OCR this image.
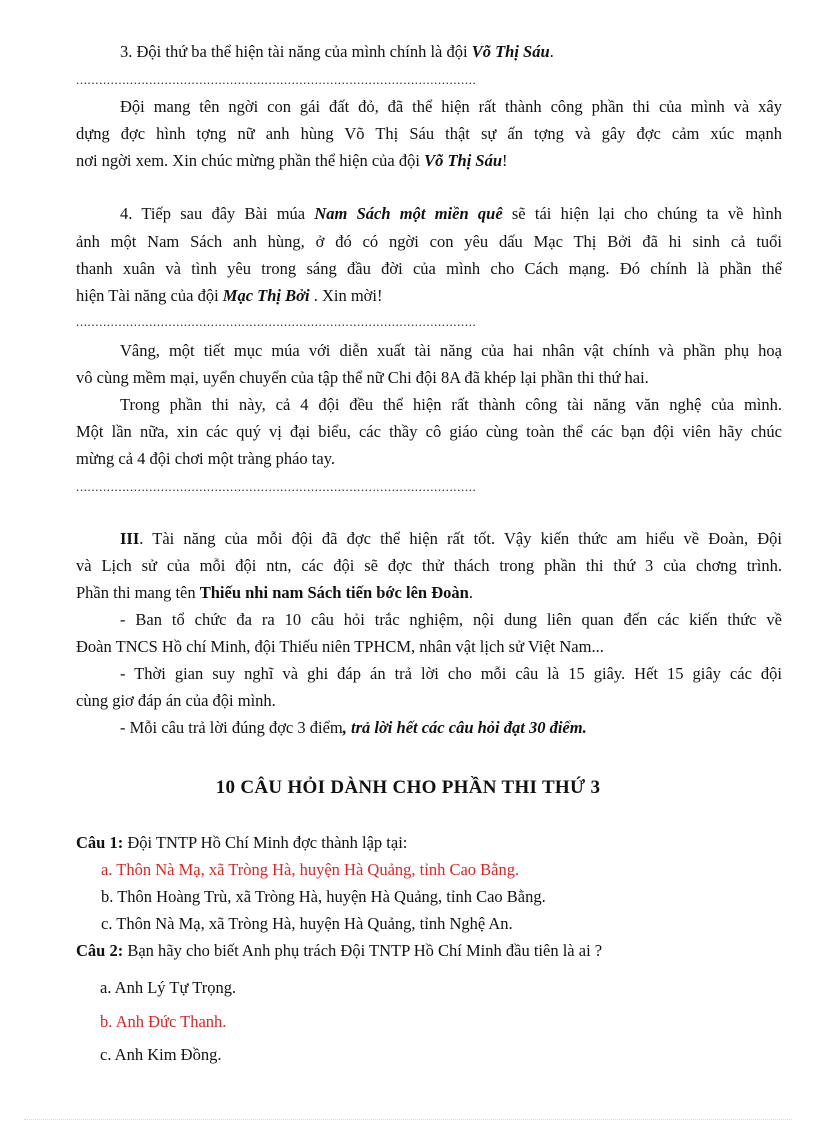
3. Đội thứ ba thể hiện tài năng của mình chính là đội Võ Thị Sáu.
........................................................................................................
Đội mang tên ngời con gái đất đỏ, đã thể hiện rất thành công phần thi của mình và xây
dựng đợc hình tợng nữ anh hùng Võ Thị Sáu thật sự ấn tợng và gây đợc cảm xúc mạnh
nơi ngời xem. Xin chúc mừng phần thể hiện của đội Võ Thị Sáu!
4. Tiếp sau đây Bài múa Nam Sách một miền quê sẽ tái hiện lại cho chúng ta về hình
ảnh một Nam Sách anh hùng, ở đó có ngời con yêu dấu Mạc Thị Bởi đã hi sinh cả tuổi
thanh xuân và tình yêu trong sáng đầu đời của mình cho Cách mạng. Đó chính là phần thể
hiện Tài năng của đội Mạc Thị Bởi . Xin mời!
........................................................................................................
Vâng, một tiết mục múa với diễn xuất tài năng của hai nhân vật chính và phần phụ hoạ
vô cùng mềm mại, uyển chuyển của tập thể nữ Chi đội 8A đã khép lại phần thi thứ hai.
Trong phần thi này, cả 4 đội đều thể hiện rất thành công tài năng văn nghệ của mình.
Một lần nữa, xin các quý vị đại biểu, các thầy cô giáo cùng toàn thể các bạn đội viên hãy chúc
mừng cả 4 đội chơi một tràng pháo tay.
........................................................................................................
III. Tài năng của mỗi đội đã đợc thể hiện rất tốt. Vậy kiến thức am hiểu về Đoàn, Đội
và Lịch sử của mỗi đội ntn, các đội sẽ đợc thử thách trong phần thi thứ 3 của chơng trình.
Phần thi mang tên Thiếu nhi nam Sách tiến bớc lên Đoàn.
- Ban tổ chức đa ra 10 câu hỏi trắc nghiệm, nội dung liên quan đến các kiến thức về
Đoàn TNCS Hồ chí Minh, đội Thiếu niên TPHCM, nhân vật lịch sử Việt Nam...
- Thời gian suy nghĩ và ghi đáp án trả lời cho mỗi câu là 15 giây. Hết 15 giây các đội
cùng giơ đáp án của đội mình.
- Mỗi câu trả lời đúng đợc 3 điểm, trả lời hết các câu hỏi đạt 30 điểm.
10 CÂU HỎI DÀNH CHO PHẦN THI THỨ 3
Câu 1: Đội TNTP Hồ Chí Minh đợc thành lập tại:
a. Thôn Nà Mạ, xã Tròng Hà, huyện Hà Quảng, tỉnh Cao Bằng.
b. Thôn Hoàng Trù, xã Tròng Hà, huyện Hà Quảng, tỉnh Cao Bằng.
c. Thôn Nà Mạ, xã Tròng Hà, huyện Hà Quảng, tỉnh Nghệ An.
Câu 2: Bạn hãy cho biết Anh phụ trách Đội TNTP Hồ Chí Minh đầu tiên là ai ?
a. Anh Lý Tự Trọng.
b. Anh Đức Thanh.
c. Anh Kim Đồng.
